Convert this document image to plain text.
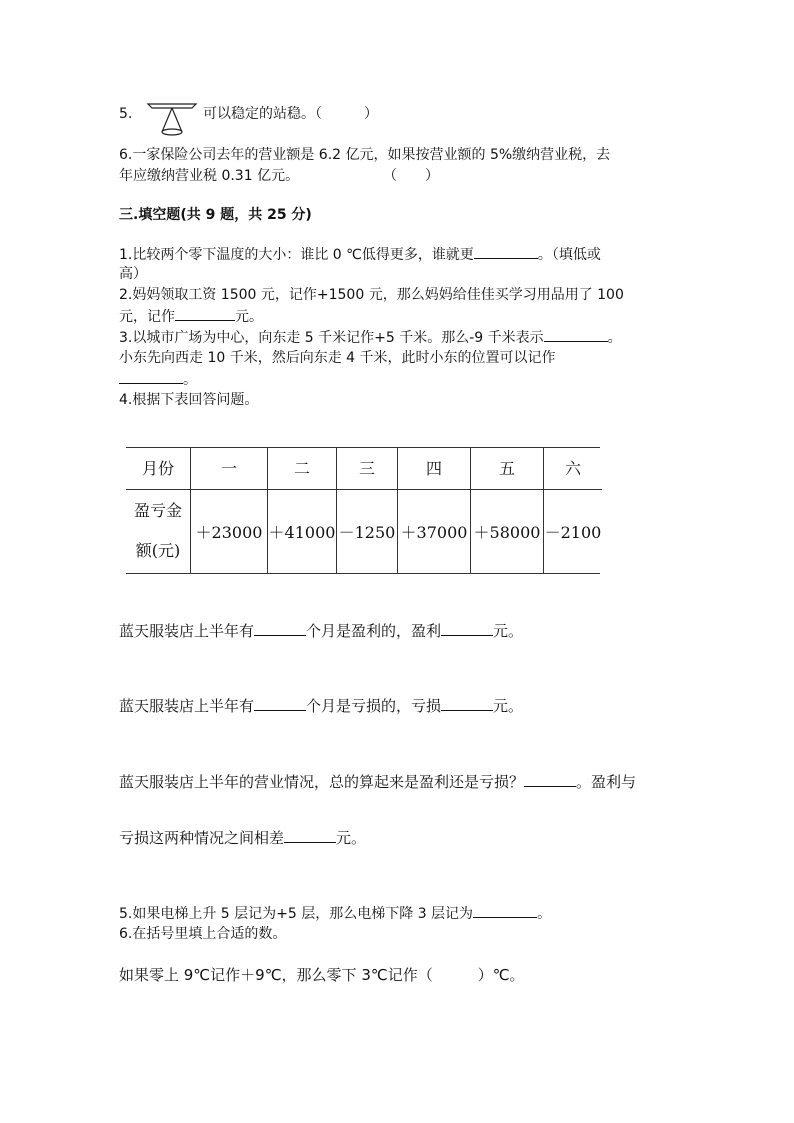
5.	可以稳定的站稳。（　　　）
6.一家保险公司去年的营业额是 6.2 亿元，如果按营业额的 5%缴纳营业税，去
年应缴纳营业税 0.31 亿元。	（　　）
三.填空题(共 9 题，共 25 分)
1.比较两个零下温度的大小：谁比 0 ℃低得更多，谁就更	。（填低或
高）
2.妈妈领取工资 1500 元，记作+1500 元，那么妈妈给佳佳买学习用品用了 100
元，记作	元。
3.以城市广场为中心，向东走 5 千米记作+5 千米。那么-9 千米表示	。
小东先向西走 10 千米，然后向东走 4 千米，此时小东的位置可以记作
。
4.根据下表回答问题。
月份	一	二	三	四	五	六

盈亏金
额(元)	＋23000	＋41000	－1250	＋37000	＋58000	－2100
蓝天服装店上半年有	个月是盈利的，盈利	元。
蓝天服装店上半年有	个月是亏损的，亏损	元。
蓝天服装店上半年的营业情况，总的算起来是盈利还是亏损？	。盈利与
亏损这两种情况之间相差	元。
5.如果电梯上升 5 层记为+5 层，那么电梯下降 3 层记为	。
6.在括号里填上合适的数。
如果零上 9℃记作＋9℃，那么零下 3℃记作（　　　）℃。
